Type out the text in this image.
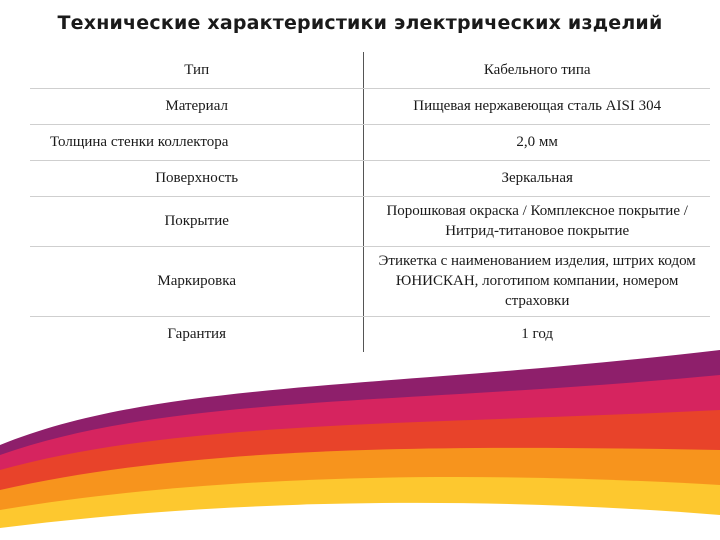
Технические характеристики электрических изделий
Тип	Кабельного типа
Материал	Пищевая нержавеющая сталь AISI 304
Толщина стенки коллектора	2,0 мм
Поверхность	Зеркальная
Покрытие	Порошковая окраска / Комплексное покрытие / Нитрид-титановое покрытие
Маркировка	Этикетка с наименованием изделия, штрих кодом ЮНИСКАН, логотипом компании, номером страховки
Гарантия	1 год
